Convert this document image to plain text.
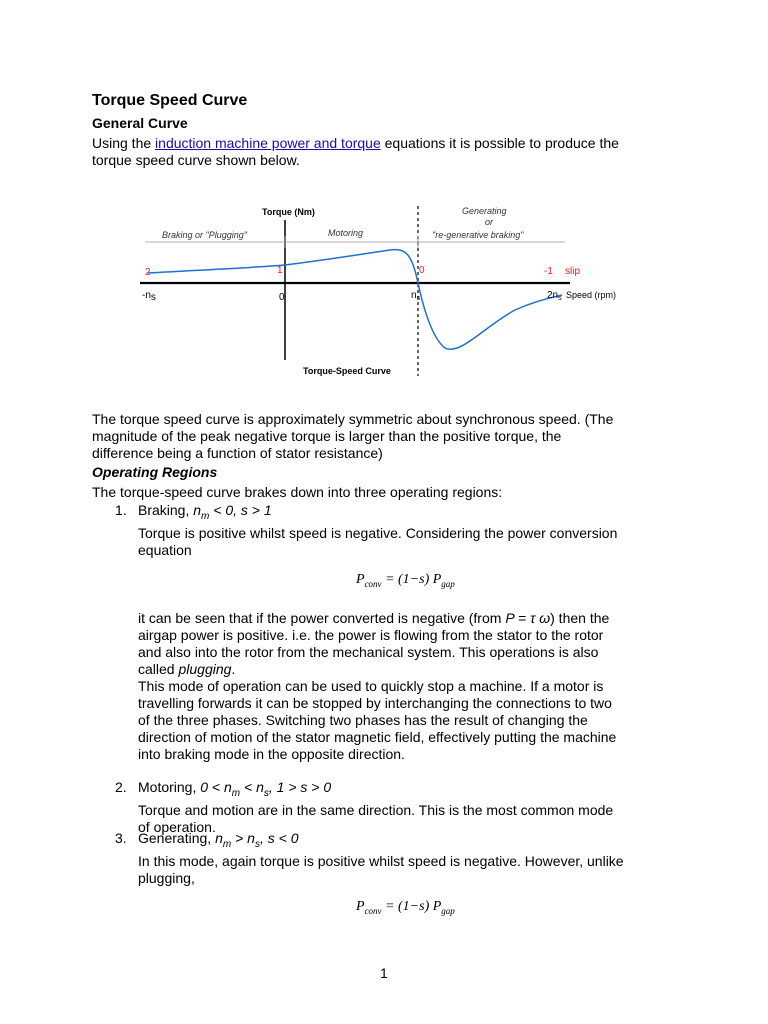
Torque Speed Curve
General Curve
Using the induction machine power and torque equations it is possible to produce the
torque speed curve shown below.
Torque (Nm)
Braking or "Plugging"	Motoring
Generating
or
"re-generative braking"
2	1	0	-1 slip
-ns	0	$n_s$	$2n_s$ Speed (rpm)
Torque-Speed Curve
The torque speed curve is approximately symmetric about synchronous speed. (The
magnitude of the peak negative torque is larger than the positive torque, the
difference being a function of stator resistance)
Operating Regions
The torque-speed curve brakes down into three operating regions:
1. Braking, $n_m < 0$, s > 1
Torque is positive whilst speed is negative. Considering the power conversion
equation
$P_{conv} = (1-s)$ $P_{gap}$
it can be seen that if the power converted is negative (from P = τ ω) then the
airgap power is positive. i.e. the power is flowing from the stator to the rotor
and also into the rotor from the mechanical system. This operations is also
called plugging.
This mode of operation can be used to quickly stop a machine. If a motor is
travelling forwards it can be stopped by interchanging the connections to two
of the three phases. Switching two phases has the result of changing the
direction of motion of the stator magnetic field, effectively putting the machine
into braking mode in the opposite direction.
2. Motoring, $0 < n_m < n_s$, 1 > s > 0
Torque and motion are in the same direction. This is the most common mode
of operation.
3. Generating, $n_m > n_s$, s < 0
In this mode, again torque is positive whilst speed is negative. However, unlike
plugging,
$P_{conv} = (1-s)$ $P_{gap}$
1
